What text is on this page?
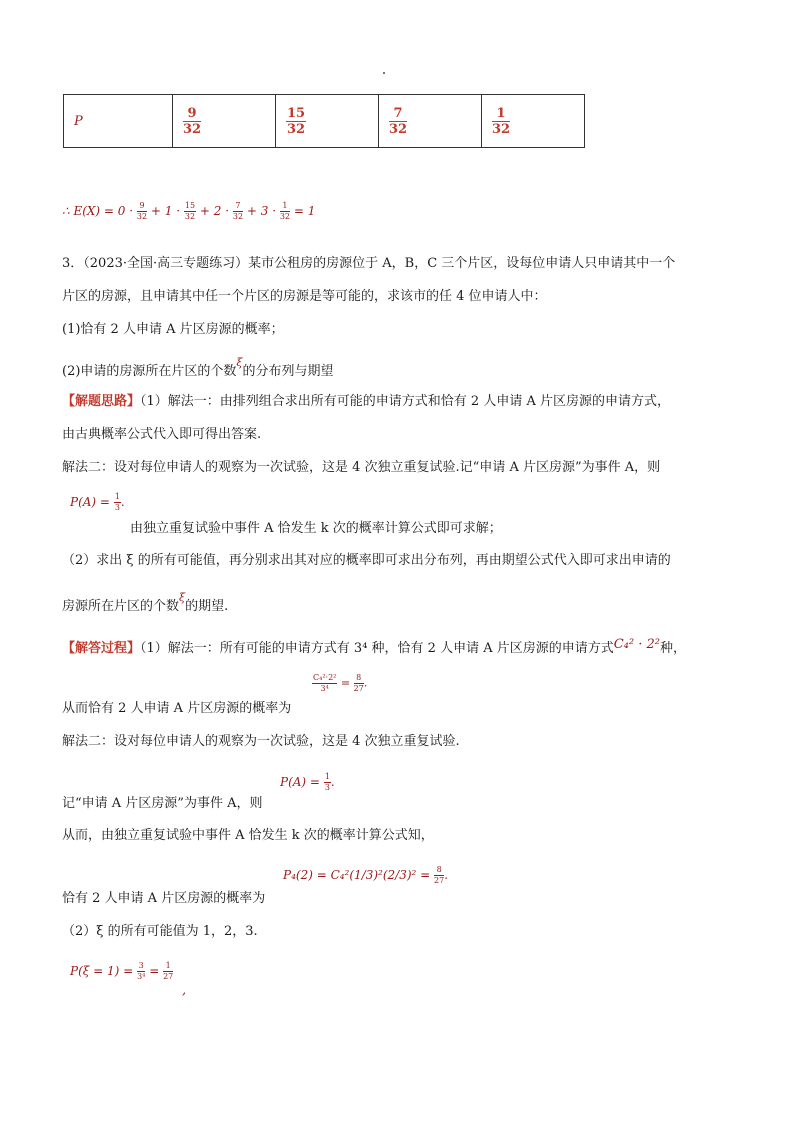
P	$\frac{9}{32}$	$\frac{15}{32}$	$\frac{7}{32}$	$\frac{1}{32}$
∴ $E(X) = 0 \cdot \frac{9}{32} + 1 \cdot \frac{15}{32} + 2 \cdot \frac{7}{32} + 3 \cdot \frac{1}{32} = 1$
3．（2023·全国·高三专题练习）某市公租房的房源位于 A，B，C 三个片区，设每位申请人只申请其中一个
片区的房源，且申请其中任一个片区的房源是等可能的，求该市的任 4 位申请人中：
(1)恰有 2 人申请 A 片区房源的概率；
(2)申请的房源所在片区的个数$^\xi$的分布列与期望
【解题思路】（1）解法一：由排列组合求出所有可能的申请方式和恰有 2 人申请 A 片区房源的申请方式，
由古典概率公式代入即可得出答案.
解法二：设对每位申请人的观察为一次试验，这是 4 次独立重复试验.记“申请 A 片区房源”为事件 A，则
$P(A) = \frac{1}{3}$ .
由独立重复试验中事件 A 恰发生 k 次的概率计算公式即可求解；
（2）求出 ξ 的所有可能值，再分别求出其对应的概率即可求出分布列，再由期望公式代入即可求出申请的
房源所在片区的个数$^\xi$的期望.
【解答过程】（1）解法一：所有可能的申请方式有 3⁴ 种，恰有 2 人申请 A 片区房源的申请方式C₄² · 2²种，
$\frac{\text{C₄²·2²}}{\text{3⁴}} = \frac{8}{27}$ .
从而恰有 2 人申请 A 片区房源的概率为
解法二：设对每位申请人的观察为一次试验，这是 4 次独立重复试验.
$P(A) = \frac{1}{3}$ .
记“申请 A 片区房源”为事件 A，则
从而，由独立重复试验中事件 A 恰发生 k 次的概率计算公式知，
$P_4(2) = C_4^2(1/3)^2(2/3)^2 = \frac{8}{27}$ .
恰有 2 人申请 A 片区房源的概率为
（2）ξ 的所有可能值为 1，2，3.
$P(\xi = 1) = \frac{3}{\text{3⁴}} = \frac{1}{27}$
,
